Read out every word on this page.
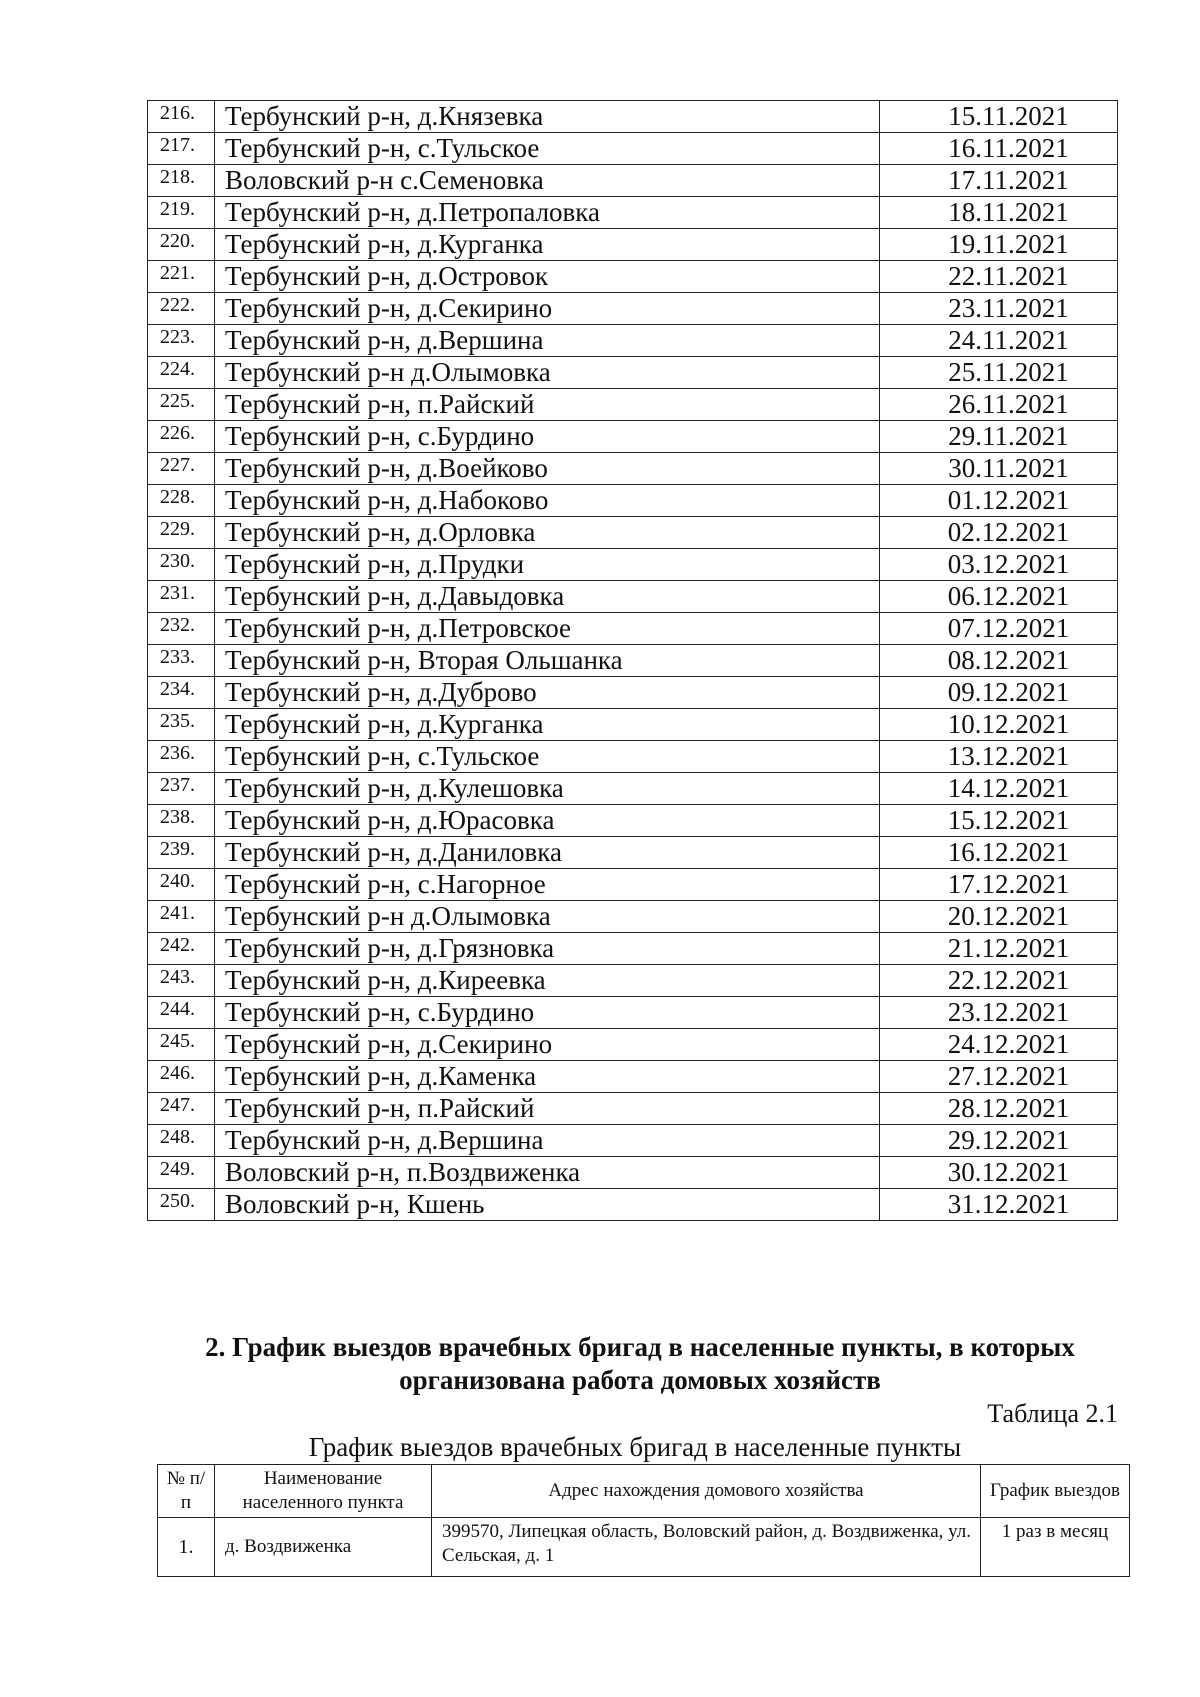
216.	Тербунский р-н, д.Князевка	15.11.2021
217.	Тербунский р-н, с.Тульское	16.11.2021
218.	Воловский р-н с.Семеновка	17.11.2021
219.	Тербунский р-н, д.Петропаловка	18.11.2021
220.	Тербунский р-н, д.Курганка	19.11.2021
221.	Тербунский р-н, д.Островок	22.11.2021
222.	Тербунский р-н, д.Секирино	23.11.2021
223.	Тербунский р-н, д.Вершина	24.11.2021
224.	Тербунский р-н д.Олымовка	25.11.2021
225.	Тербунский р-н, п.Райский	26.11.2021
226.	Тербунский р-н, с.Бурдино	29.11.2021
227.	Тербунский р-н, д.Воейково	30.11.2021
228.	Тербунский р-н, д.Набоково	01.12.2021
229.	Тербунский р-н, д.Орловка	02.12.2021
230.	Тербунский р-н, д.Прудки	03.12.2021
231.	Тербунский р-н, д.Давыдовка	06.12.2021
232.	Тербунский р-н, д.Петровское	07.12.2021
233.	Тербунский р-н, Вторая Ольшанка	08.12.2021
234.	Тербунский р-н, д.Дуброво	09.12.2021
235.	Тербунский р-н, д.Курганка	10.12.2021
236.	Тербунский р-н, с.Тульское	13.12.2021
237.	Тербунский р-н, д.Кулешовка	14.12.2021
238.	Тербунский р-н, д.Юрасовка	15.12.2021
239.	Тербунский р-н, д.Даниловка	16.12.2021
240.	Тербунский р-н, с.Нагорное	17.12.2021
241.	Тербунский р-н д.Олымовка	20.12.2021
242.	Тербунский р-н, д.Грязновка	21.12.2021
243.	Тербунский р-н, д.Киреевка	22.12.2021
244.	Тербунский р-н, с.Бурдино	23.12.2021
245.	Тербунский р-н, д.Секирино	24.12.2021
246.	Тербунский р-н, д.Каменка	27.12.2021
247.	Тербунский р-н, п.Райский	28.12.2021
248.	Тербунский р-н, д.Вершина	29.12.2021
249.	Воловский р-н, п.Воздвиженка	30.12.2021
250.	Воловский р-н, Кшень	31.12.2021
2. График выездов врачебных бригад в населенные пункты, в которых
организована работа домовых хозяйств
Таблица 2.1
График выездов врачебных бригад в населенные пункты
№ п/п	Наименование населенного пункта	Адрес нахождения домового хозяйства	График выездов
1.	д. Воздвиженка	399570, Липецкая область, Воловский район, д. Воздвиженка, ул. Сельская, д. 1	1 раз в месяц
